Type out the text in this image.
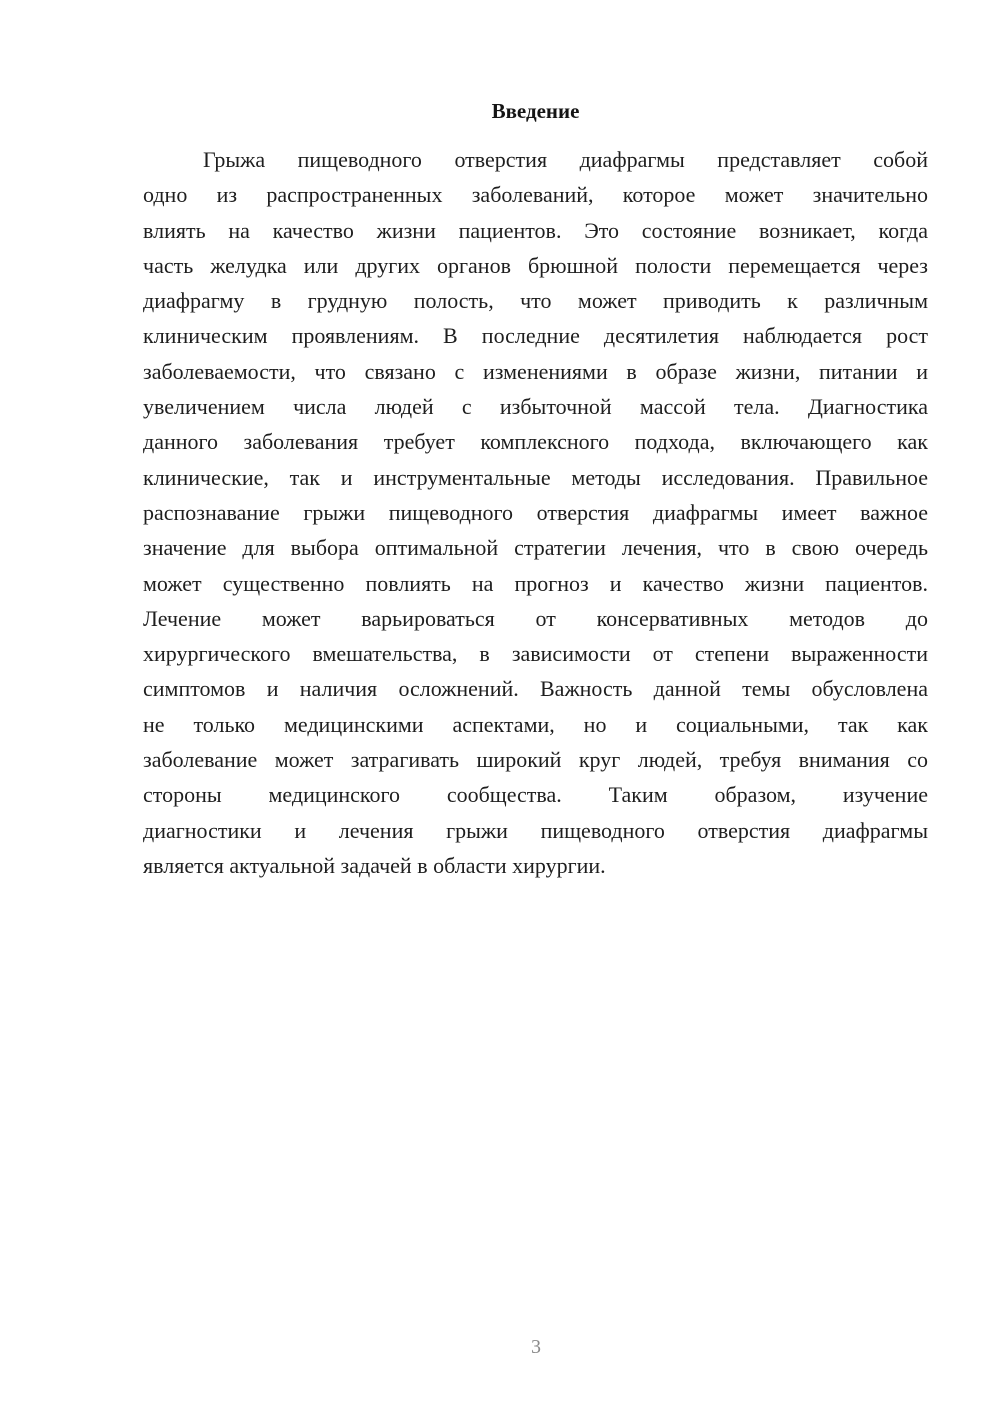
Введение
Грыжа пищеводного отверстия диафрагмы представляет собой
одно из распространенных заболеваний, которое может значительно
влиять на качество жизни пациентов. Это состояние возникает, когда
часть желудка или других органов брюшной полости перемещается через
диафрагму в грудную полость, что может приводить к различным
клиническим проявлениям. В последние десятилетия наблюдается рост
заболеваемости, что связано с изменениями в образе жизни, питании и
увеличением числа людей с избыточной массой тела. Диагностика
данного заболевания требует комплексного подхода, включающего как
клинические, так и инструментальные методы исследования. Правильное
распознавание грыжи пищеводного отверстия диафрагмы имеет важное
значение для выбора оптимальной стратегии лечения, что в свою очередь
может существенно повлиять на прогноз и качество жизни пациентов.
Лечение может варьироваться от консервативных методов до
хирургического вмешательства, в зависимости от степени выраженности
симптомов и наличия осложнений. Важность данной темы обусловлена
не только медицинскими аспектами, но и социальными, так как
заболевание может затрагивать широкий круг людей, требуя внимания со
стороны медицинского сообщества. Таким образом, изучение
диагностики и лечения грыжи пищеводного отверстия диафрагмы
является актуальной задачей в области хирургии.
3
